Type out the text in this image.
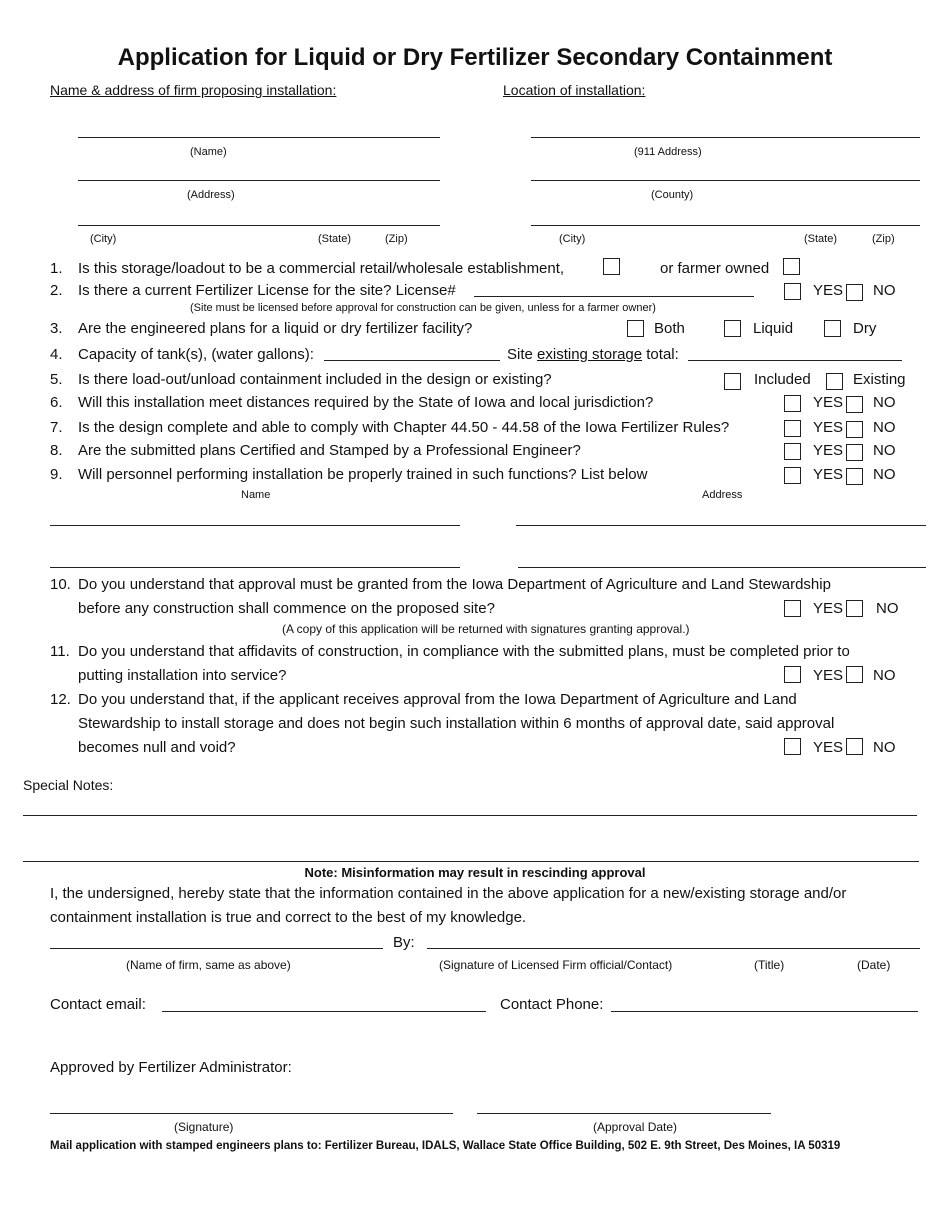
Application for Liquid or Dry Fertilizer Secondary Containment
Name & address of firm proposing installation:	Location of installation:
(Name)
(Address)
(City)	(State)	(Zip)
(911 Address)
(County)
(City)	(State)	(Zip)
1. Is this storage/loadout to be a commercial retail/wholesale establishment,	or farmer owned
2. Is there a current Fertilizer License for the site? License#	YES NO
(Site must be licensed before approval for construction can be given, unless for a farmer owner)
3. Are the engineered plans for a liquid or dry fertilizer facility?	Both	Liquid	Dry
4. Capacity of tank(s), (water gallons):	Site existing storage total:
5. Is there load-out/unload containment included in the design or existing?	Included	Existing
6. Will this installation meet distances required by the State of Iowa and local jurisdiction?	YES NO
7. Is the design complete and able to comply with Chapter 44.50 - 44.58 of the Iowa Fertilizer Rules?	YES NO
8. Are the submitted plans Certified and Stamped by a Professional Engineer?	YES NO
9. Will personnel performing installation be properly trained in such functions? List below	YES NO
Name	Address
10. Do you understand that approval must be granted from the Iowa Department of Agriculture and Land Stewardship
before any construction shall commence on the proposed site?	YES NO
(A copy of this application will be returned with signatures granting approval.)
11. Do you understand that affidavits of construction, in compliance with the submitted plans, must be completed prior to
putting installation into service?	YES NO
12. Do you understand that, if the applicant receives approval from the Iowa Department of Agriculture and Land
Stewardship to install storage and does not begin such installation within 6 months of approval date, said approval
becomes null and void?	YES NO
Special Notes:
Note: Misinformation may result in rescinding approval
I, the undersigned, hereby state that the information contained in the above application for a new/existing storage and/or
containment installation is true and correct to the best of my knowledge.
By:
(Name of firm, same as above)	(Signature of Licensed Firm official/Contact)	(Title)	(Date)
Contact email:	Contact Phone:
Approved by Fertilizer Administrator:
(Signature)	(Approval Date)
Mail application with stamped engineers plans to: Fertilizer Bureau, IDALS, Wallace State Office Building, 502 E. 9th Street, Des Moines, IA 50319
